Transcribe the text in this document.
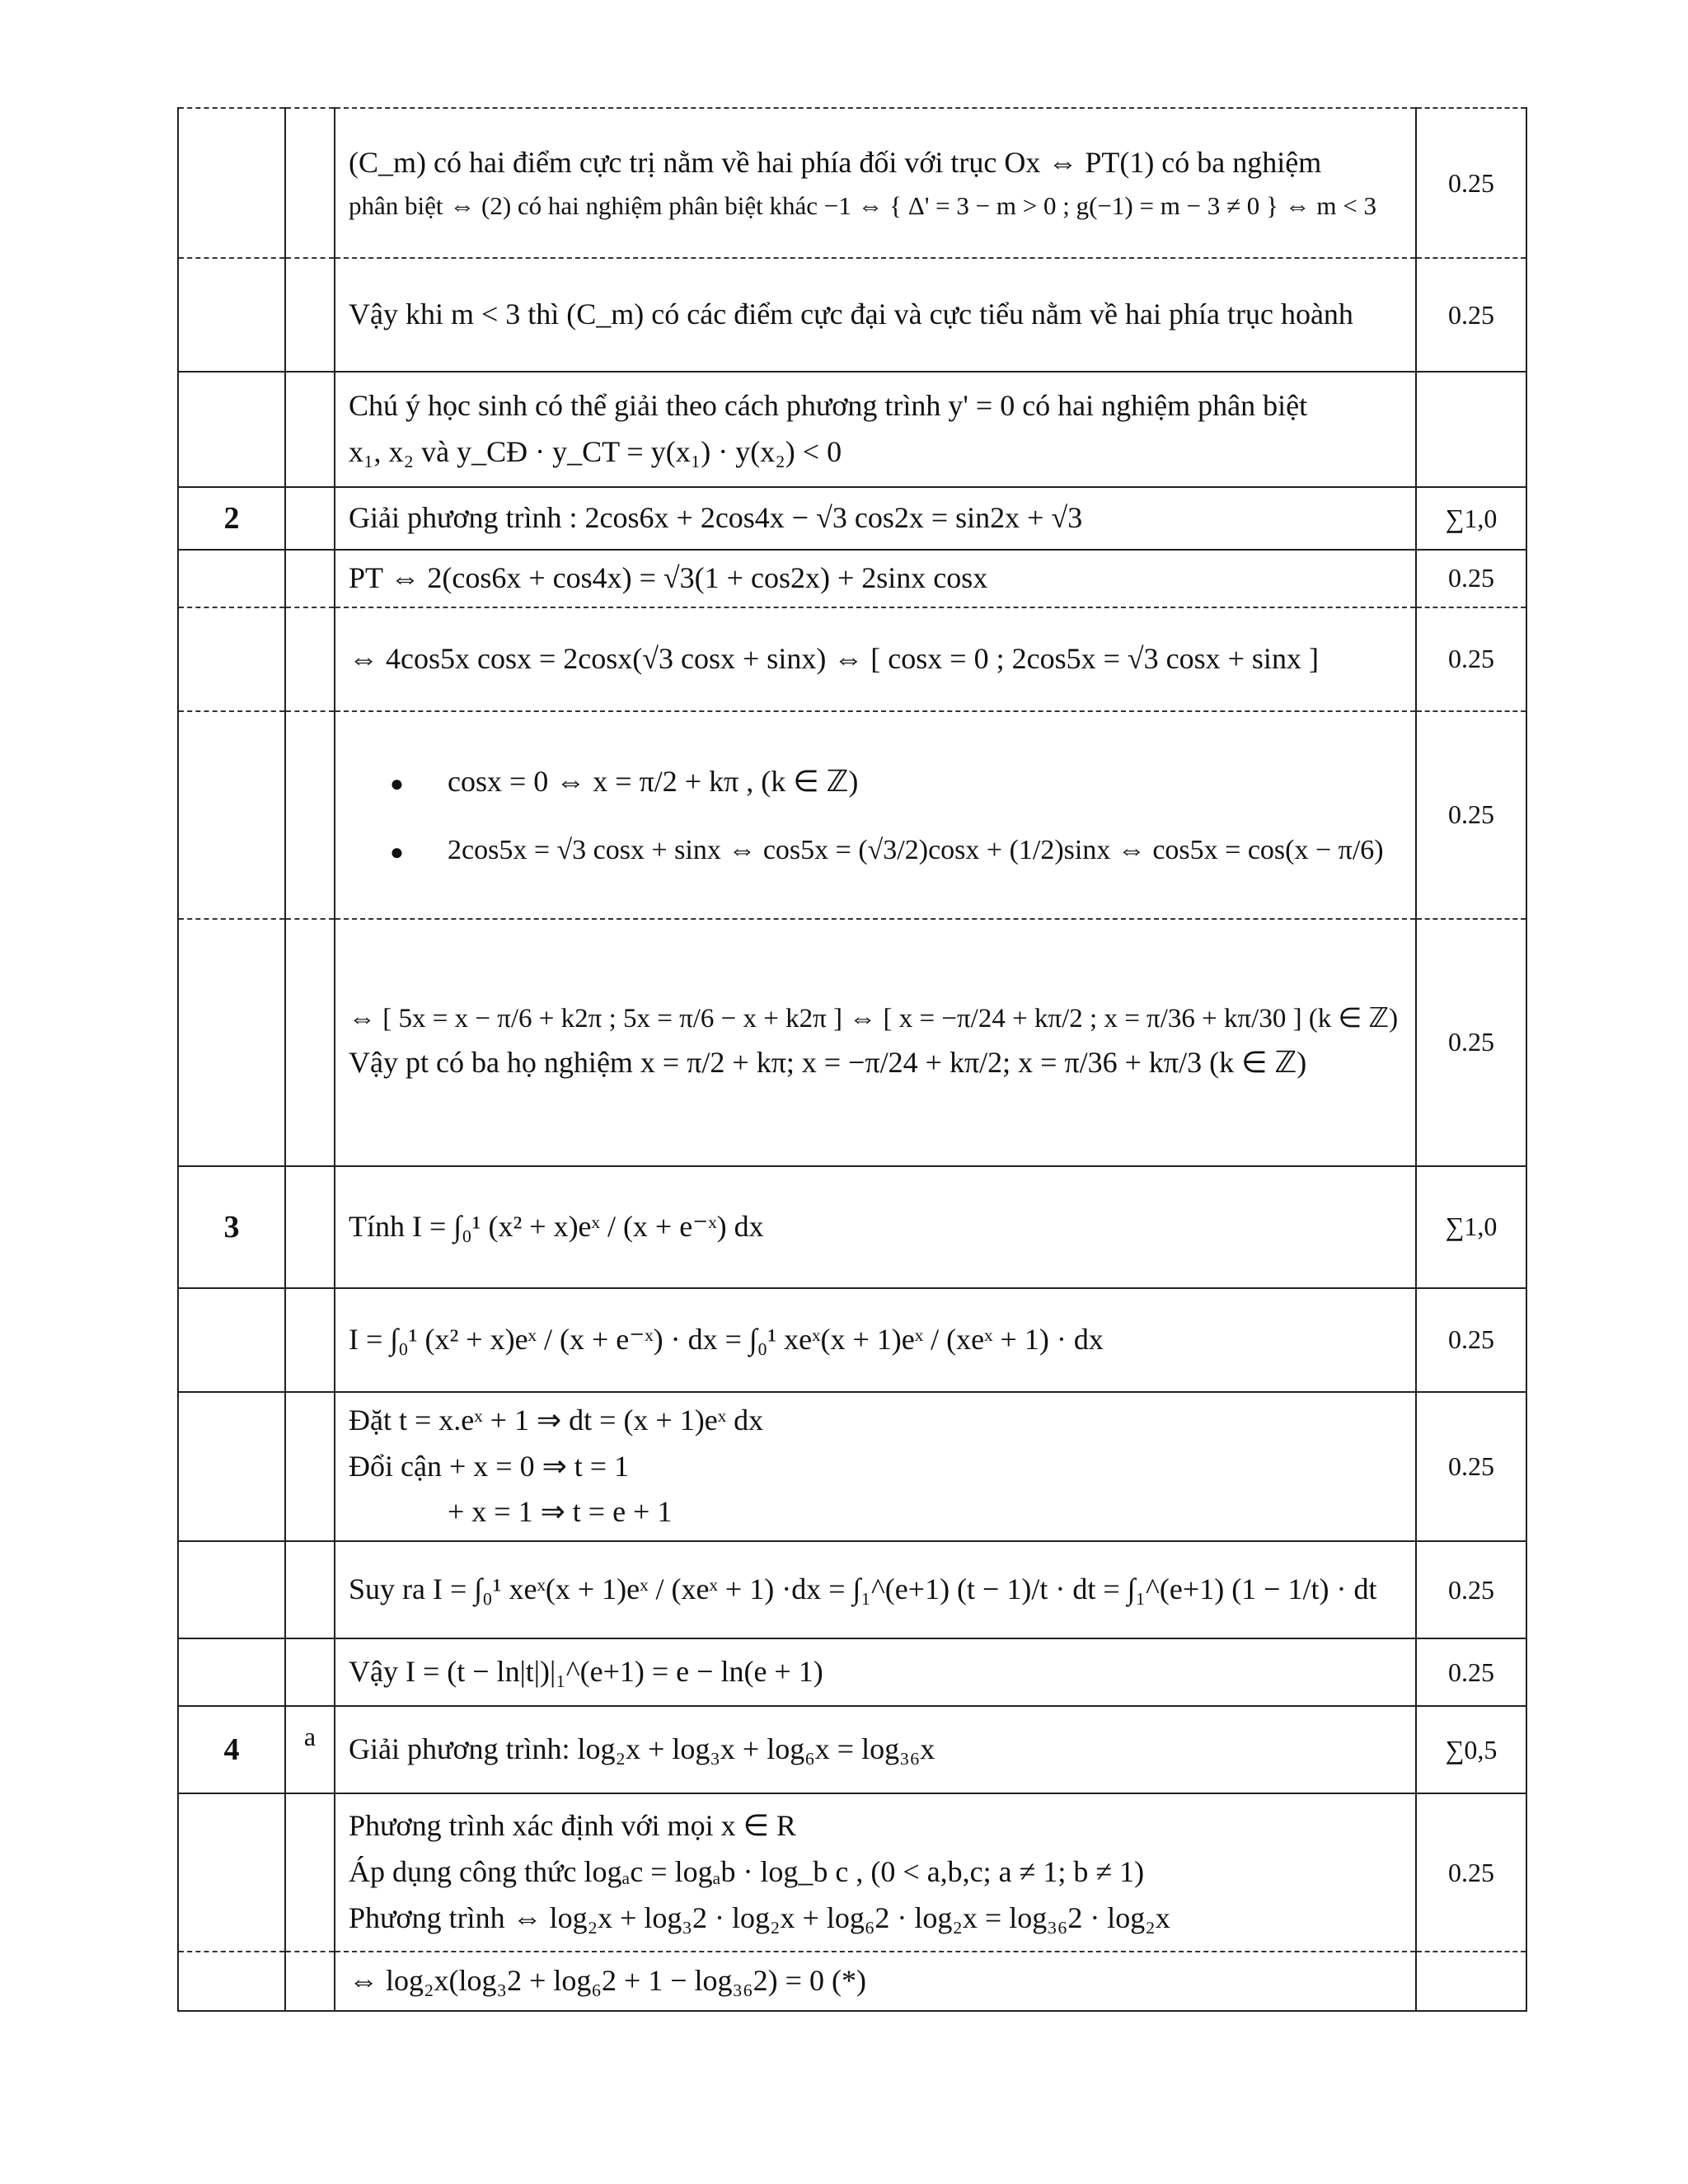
		(C_m) có hai điểm cực trị nằm về hai phía đối với trục Ox ⇔ PT(1) có ba nghiệm
phân biệt ⇔ (2) có hai nghiệm phân biệt khác −1 ⇔ { Δ' = 3 − m > 0 ; g(−1) = m − 3 ≠ 0 } ⇔ m < 3	0.25

		Vậy khi m < 3 thì (C_m) có các điểm cực đại và cực tiểu nằm về hai phía trục hoành	0.25

		Chú ý học sinh có thể giải theo cách phương trình y' = 0 có hai nghiệm phân biệt
x₁, x₂ và y_CĐ · y_CT = y(x₁) · y(x₂) < 0	

2		Giải phương trình : 2cos6x + 2cos4x − √3 cos2x = sin2x + √3	∑1,0

		PT ⇔ 2(cos6x + cos4x) = √3(1 + cos2x) + 2sinx cosx	0.25

		⇔ 4cos5x cosx = 2cosx(√3 cosx + sinx) ⇔ [ cosx = 0 ; 2cos5x = √3 cosx + sinx ]	0.25

		● cosx = 0 ⇔ x = π/2 + kπ , (k ∈ ℤ)
● 2cos5x = √3 cosx + sinx ⇔ cos5x = (√3/2)cosx + (1/2)sinx ⇔ cos5x = cos(x − π/6)	0.25

		⇔ [ 5x = x − π/6 + k2π ; 5x = π/6 − x + k2π ] ⇔ [ x = −π/24 + kπ/2 ; x = π/36 + kπ/30 ] (k ∈ ℤ)
Vậy pt có ba họ nghiệm x = π/2 + kπ; x = −π/24 + kπ/2; x = π/36 + kπ/3 (k ∈ ℤ)	0.25
3		Tính I = ∫₀¹ (x² + x)eˣ / (x + e⁻ˣ) dx	∑1,0

		I = ∫₀¹ (x² + x)eˣ / (x + e⁻ˣ) · dx = ∫₀¹ xeˣ(x + 1)eˣ / (xeˣ + 1) · dx	0.25

		Đặt t = x.eˣ + 1 ⇒ dt = (x + 1)eˣ dx
Đổi cận + x = 0 ⇒ t = 1
+ x = 1 ⇒ t = e + 1	0.25

		Suy ra I = ∫₀¹ xeˣ(x + 1)eˣ / (xeˣ + 1) ·dx = ∫₁^(e+1) (t − 1)/t · dt = ∫₁^(e+1) (1 − 1/t) · dt	0.25

		Vậy I = (t − ln|t|)|₁^(e+1) = e − ln(e + 1)	0.25
4	a	Giải phương trình: log₂x + log₃x + log₆x = log₃₆x	∑0,5

		Phương trình xác định với mọi x ∈ R
Áp dụng công thức logₐc = logₐb · log_b c , (0 < a,b,c; a ≠ 1; b ≠ 1)
Phương trình ⇔ log₂x + log₃2 · log₂x + log₆2 · log₂x = log₃₆2 · log₂x	0.25

		⇔ log₂x(log₃2 + log₆2 + 1 − log₃₆2) = 0 (*)	
